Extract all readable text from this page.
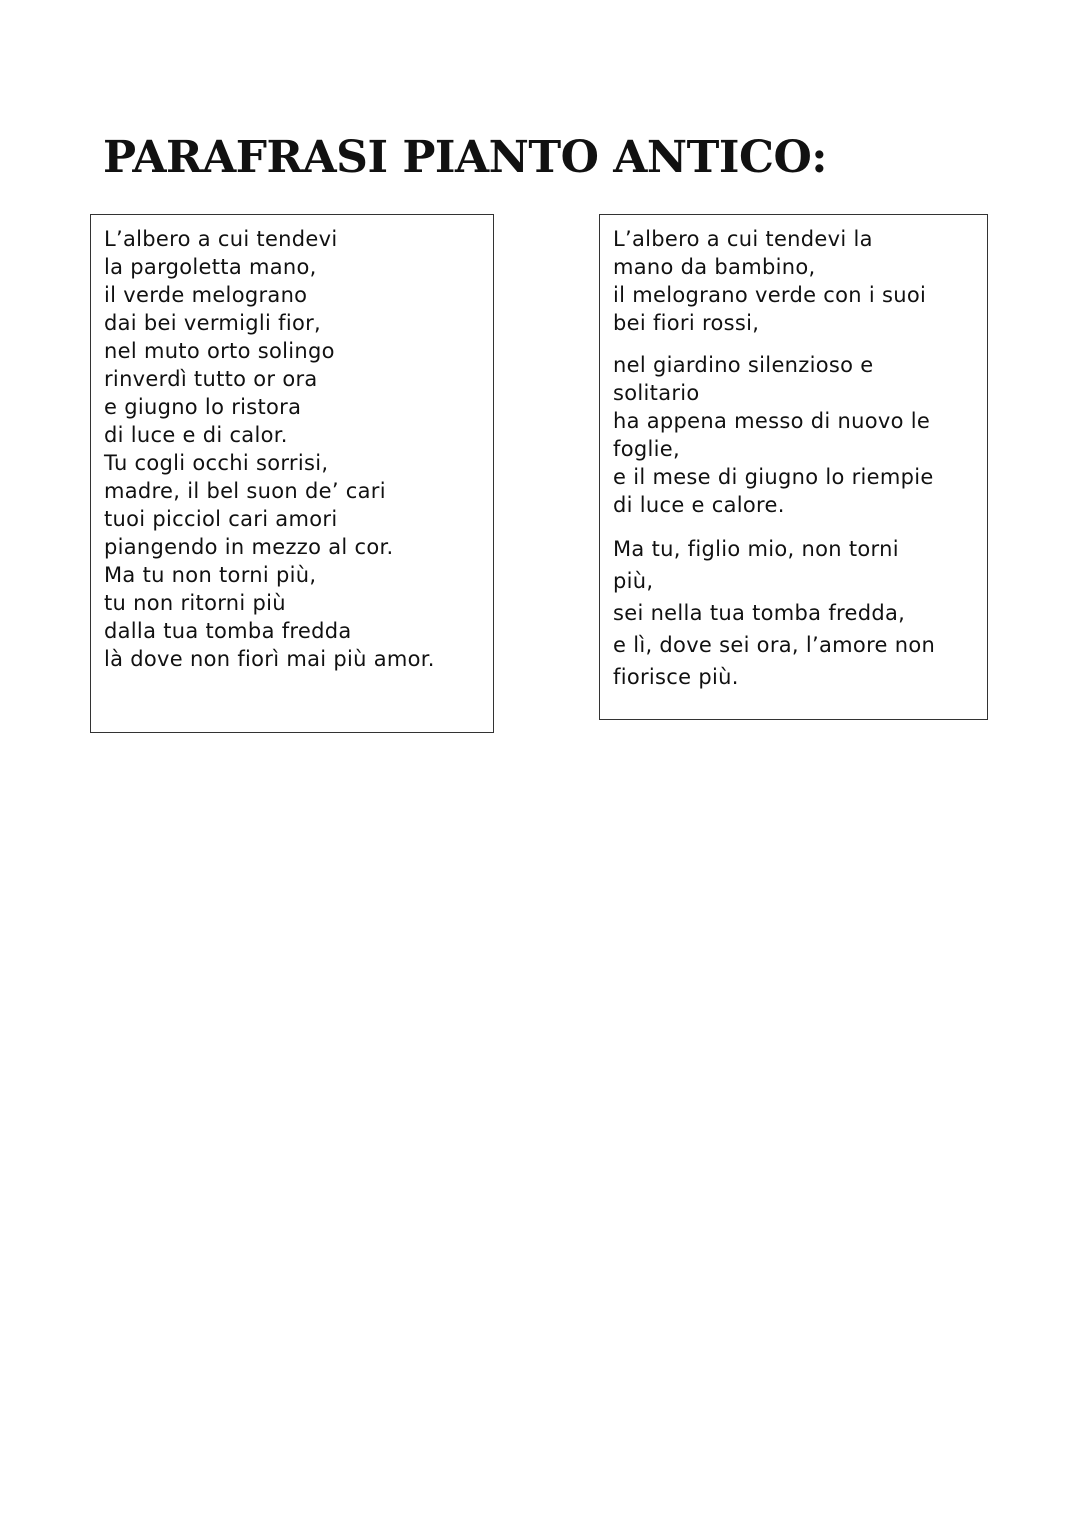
PARAFRASI PIANTO ANTICO:
L’albero a cui tendevi
la pargoletta mano,
il verde melograno
dai bei vermigli fior,
nel muto orto solingo
rinverdì tutto or ora
e giugno lo ristora
di luce e di calor.
Tu cogli occhi sorrisi,
madre, il bel suon de’ cari
tuoi picciol cari amori
piangendo in mezzo al cor.
Ma tu non torni più,
tu non ritorni più
dalla tua tomba fredda
là dove non fiorì mai più amor.
L’albero a cui tendevi la
mano da bambino,
il melograno verde con i suoi
bei fiori rossi,
nel giardino silenzioso e
solitario
ha appena messo di nuovo le
foglie,
e il mese di giugno lo riempie
di luce e calore.
Ma tu, figlio mio, non torni
più,
sei nella tua tomba fredda,
e lì, dove sei ora, l’amore non
fiorisce più.
